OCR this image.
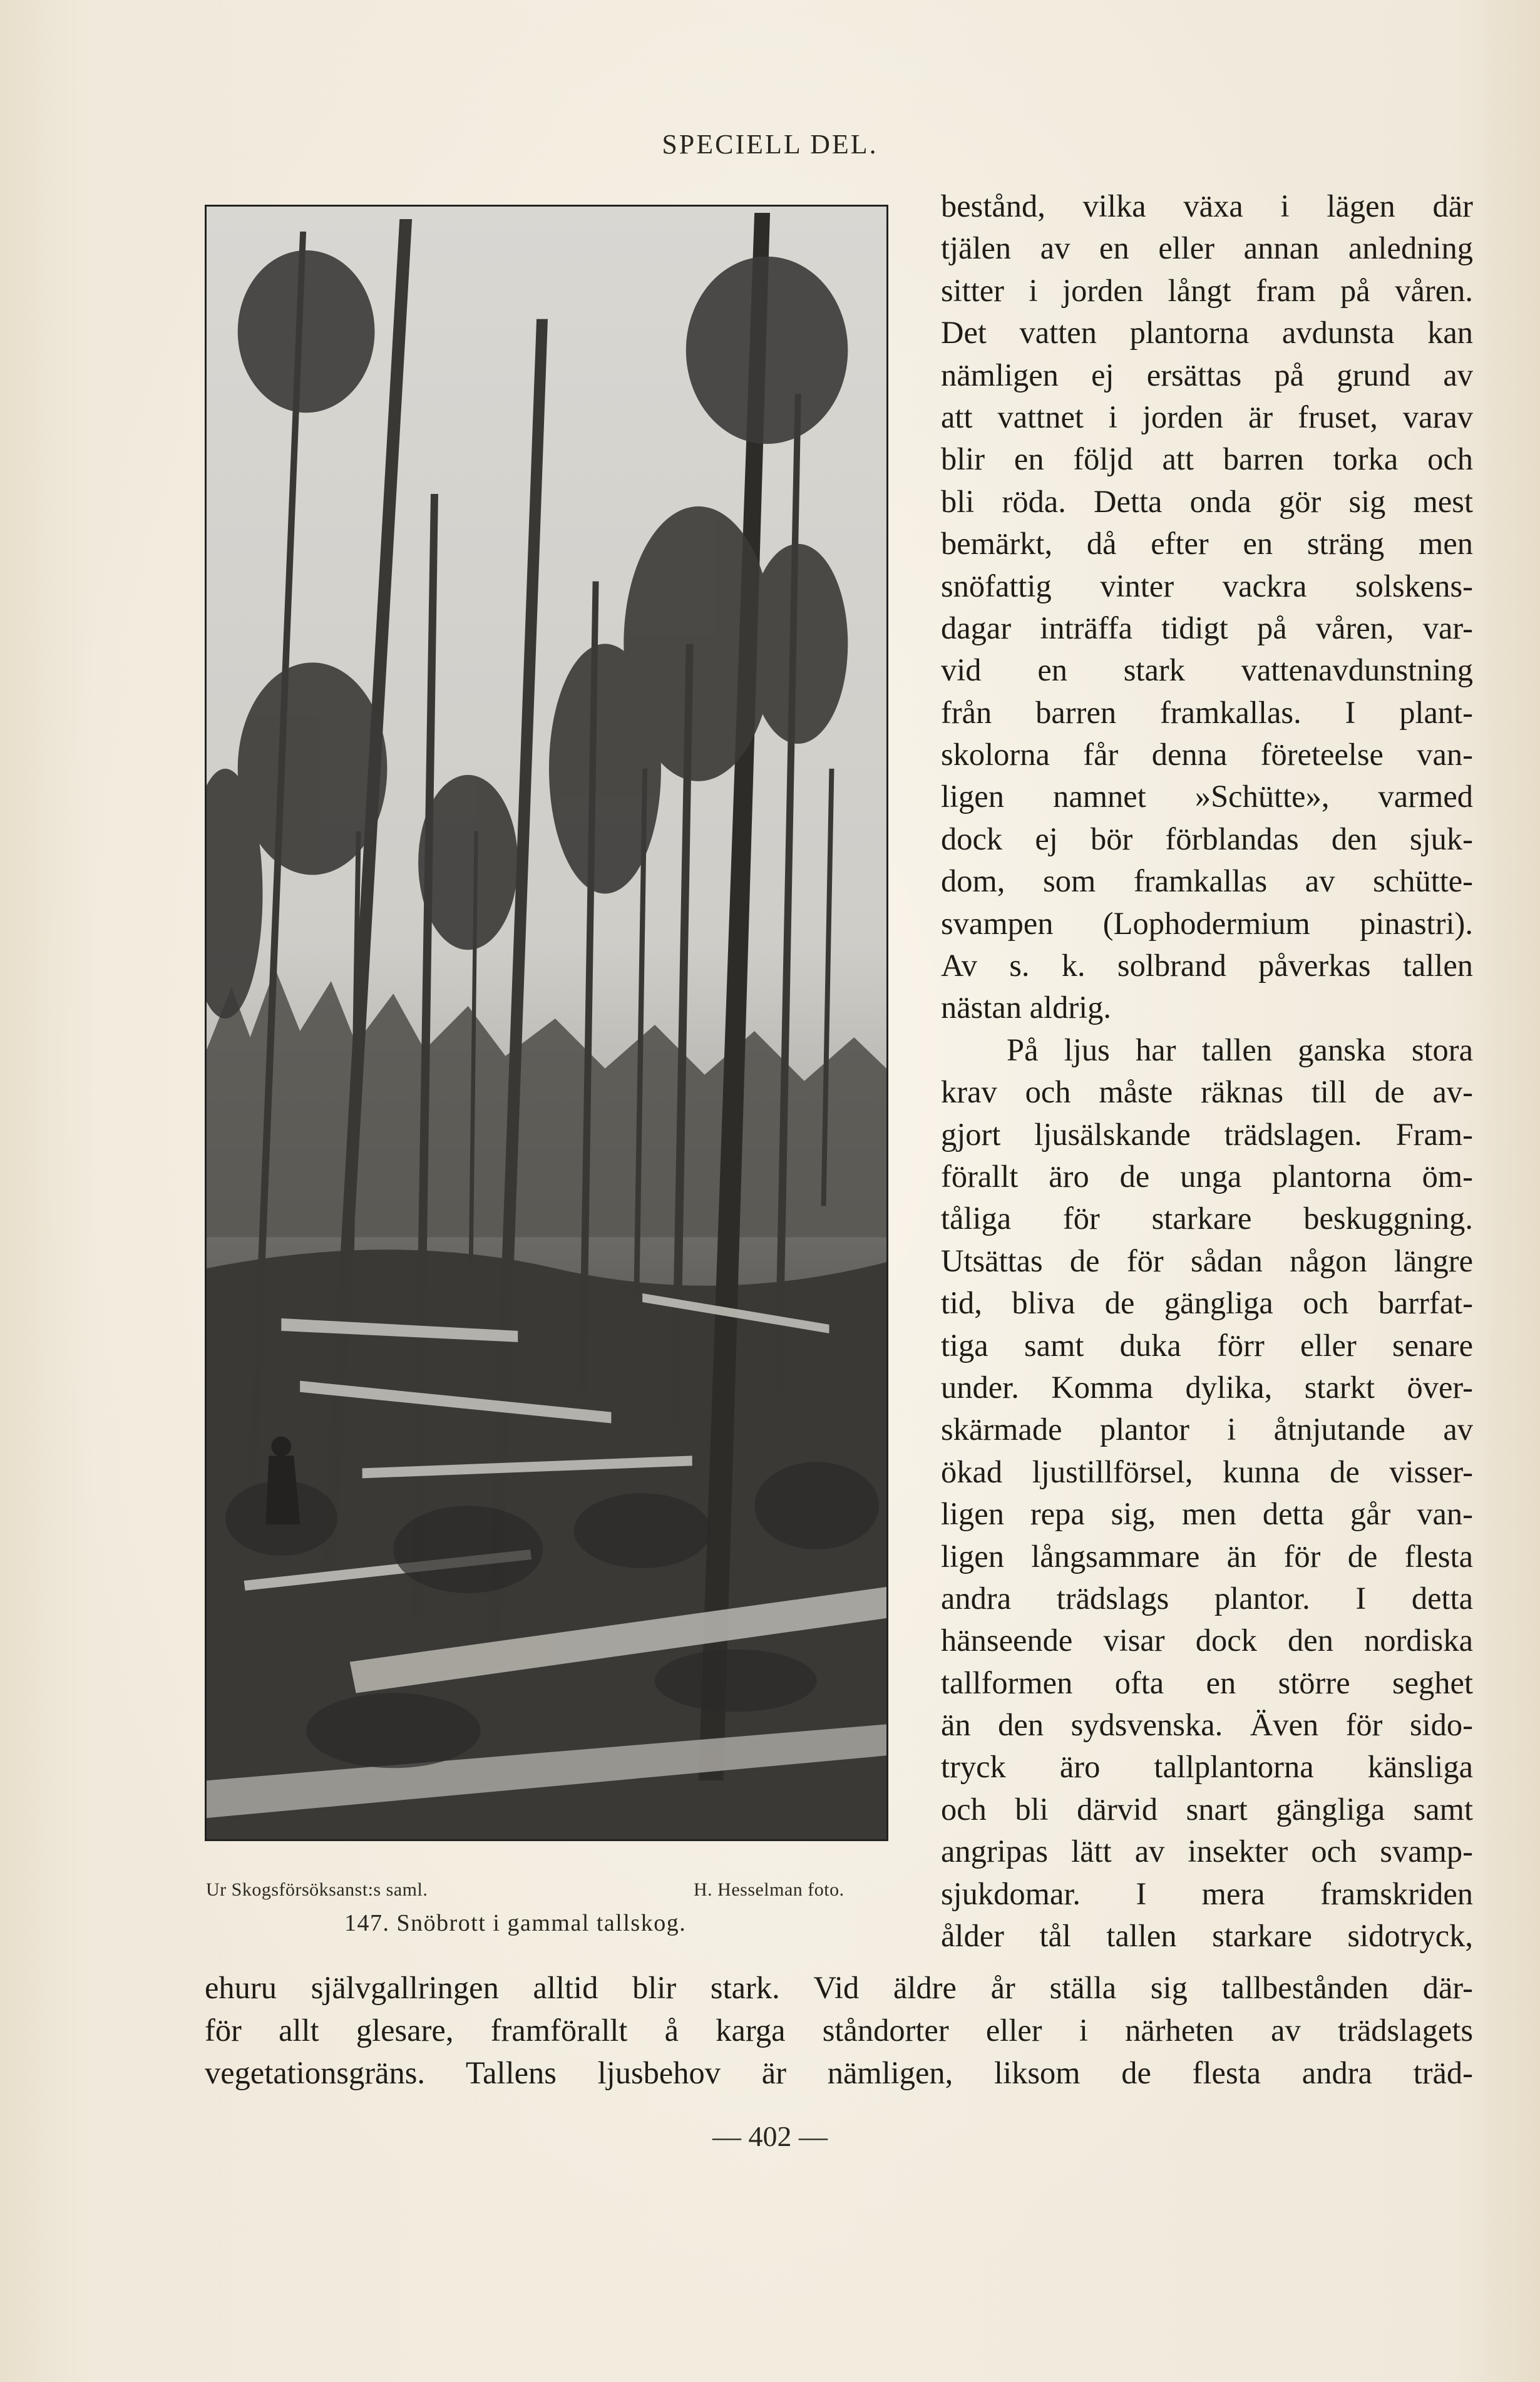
SPECIELL DEL.
Ur Skogsförsöksanst:s saml.	H. Hesselman foto.
147. Snöbrott i gammal tallskog.
bestånd, vilka växa i lägen där
tjälen av en eller annan anledning
sitter i jorden långt fram på våren.
Det vatten plantorna avdunsta kan
nämligen ej ersättas på grund av
att vattnet i jorden är fruset, varav
blir en följd att barren torka och
bli röda. Detta onda gör sig mest
bemärkt, då efter en sträng men
snöfattig vinter vackra solskens-
dagar inträffa tidigt på våren, var-
vid en stark vattenavdunstning
från barren framkallas. I plant-
skolorna får denna företeelse van-
ligen namnet »Schütte», varmed
dock ej bör förblandas den sjuk-
dom, som framkallas av schütte-
svampen (Lophodermium pinastri).
Av s. k. solbrand påverkas tallen
nästan aldrig.
På ljus har tallen ganska stora
krav och måste räknas till de av-
gjort ljusälskande trädslagen. Fram-
förallt äro de unga plantorna öm-
tåliga för starkare beskuggning.
Utsättas de för sådan någon längre
tid, bliva de gängliga och barrfat-
tiga samt duka förr eller senare
under. Komma dylika, starkt över-
skärmade plantor i åtnjutande av
ökad ljustillförsel, kunna de visser-
ligen repa sig, men detta går van-
ligen långsammare än för de flesta
andra trädslags plantor. I detta
hänseende visar dock den nordiska
tallformen ofta en större seghet
än den sydsvenska. Även för sido-
tryck äro tallplantorna känsliga
och bli därvid snart gängliga samt
angripas lätt av insekter och svamp-
sjukdomar. I mera framskriden
ålder tål tallen starkare sidotryck,
ehuru självgallringen alltid blir stark. Vid äldre år ställa sig tallbestånden där-
för allt glesare, framförallt å karga ståndorter eller i närheten av trädslagets
vegetationsgräns. Tallens ljusbehov är nämligen, liksom de flesta andra träd-
— 402 —
